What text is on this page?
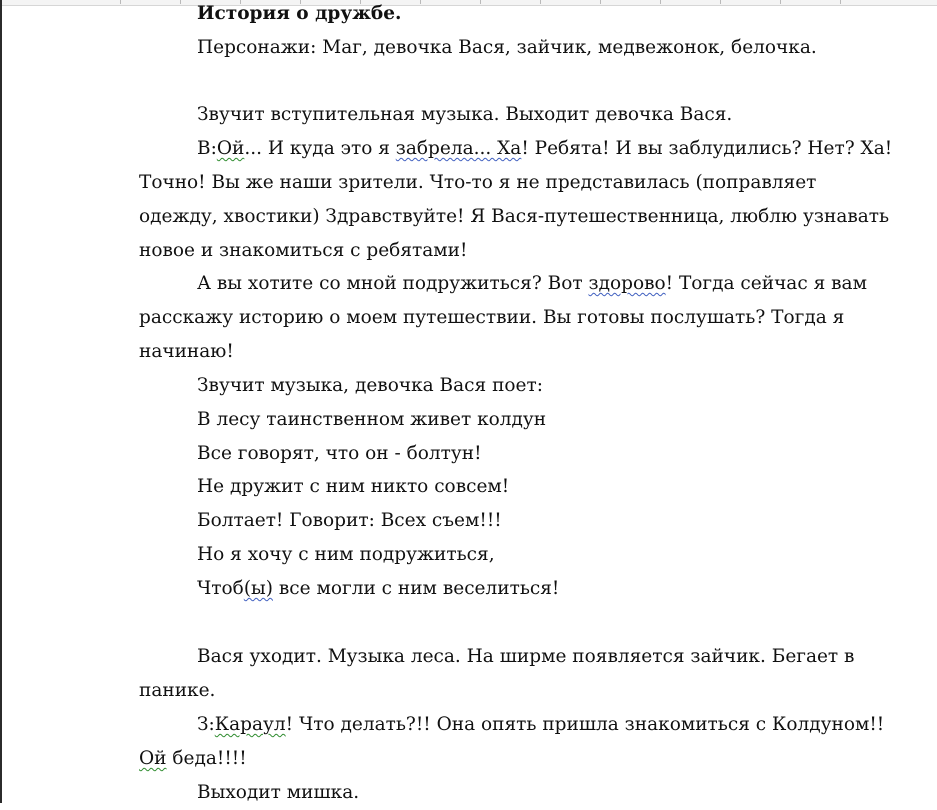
История о дружбе.
Персонажи: Маг, девочка Вася, зайчик, медвежонок, белочка.
Звучит вступительная музыка. Выходит девочка Вася.
В:Ой... И куда это я забрела... Ха! Ребята! И вы заблудились? Нет? Ха!
Точно! Вы же наши зрители. Что-то я не представилась (поправляет
одежду, хвостики) Здравствуйте! Я Вася-путешественница, люблю узнавать
новое и знакомиться с ребятами!
А вы хотите со мной подружиться? Вот здорово! Тогда сейчас я вам
расскажу историю о моем путешествии. Вы готовы послушать? Тогда я
начинаю!
Звучит музыка, девочка Вася поет:
В лесу таинственном живет колдун
Все говорят, что он - болтун!
Не дружит с ним никто совсем!
Болтает! Говорит: Всех съем!!!
Но я хочу с ним подружиться,
Чтоб(ы) все могли с ним веселиться!
Вася уходит. Музыка леса. На ширме появляется зайчик. Бегает в
панике.
З:Караул! Что делать?!! Она опять пришла знакомиться с Колдуном!!
Ой беда!!!!
Выходит мишка.
